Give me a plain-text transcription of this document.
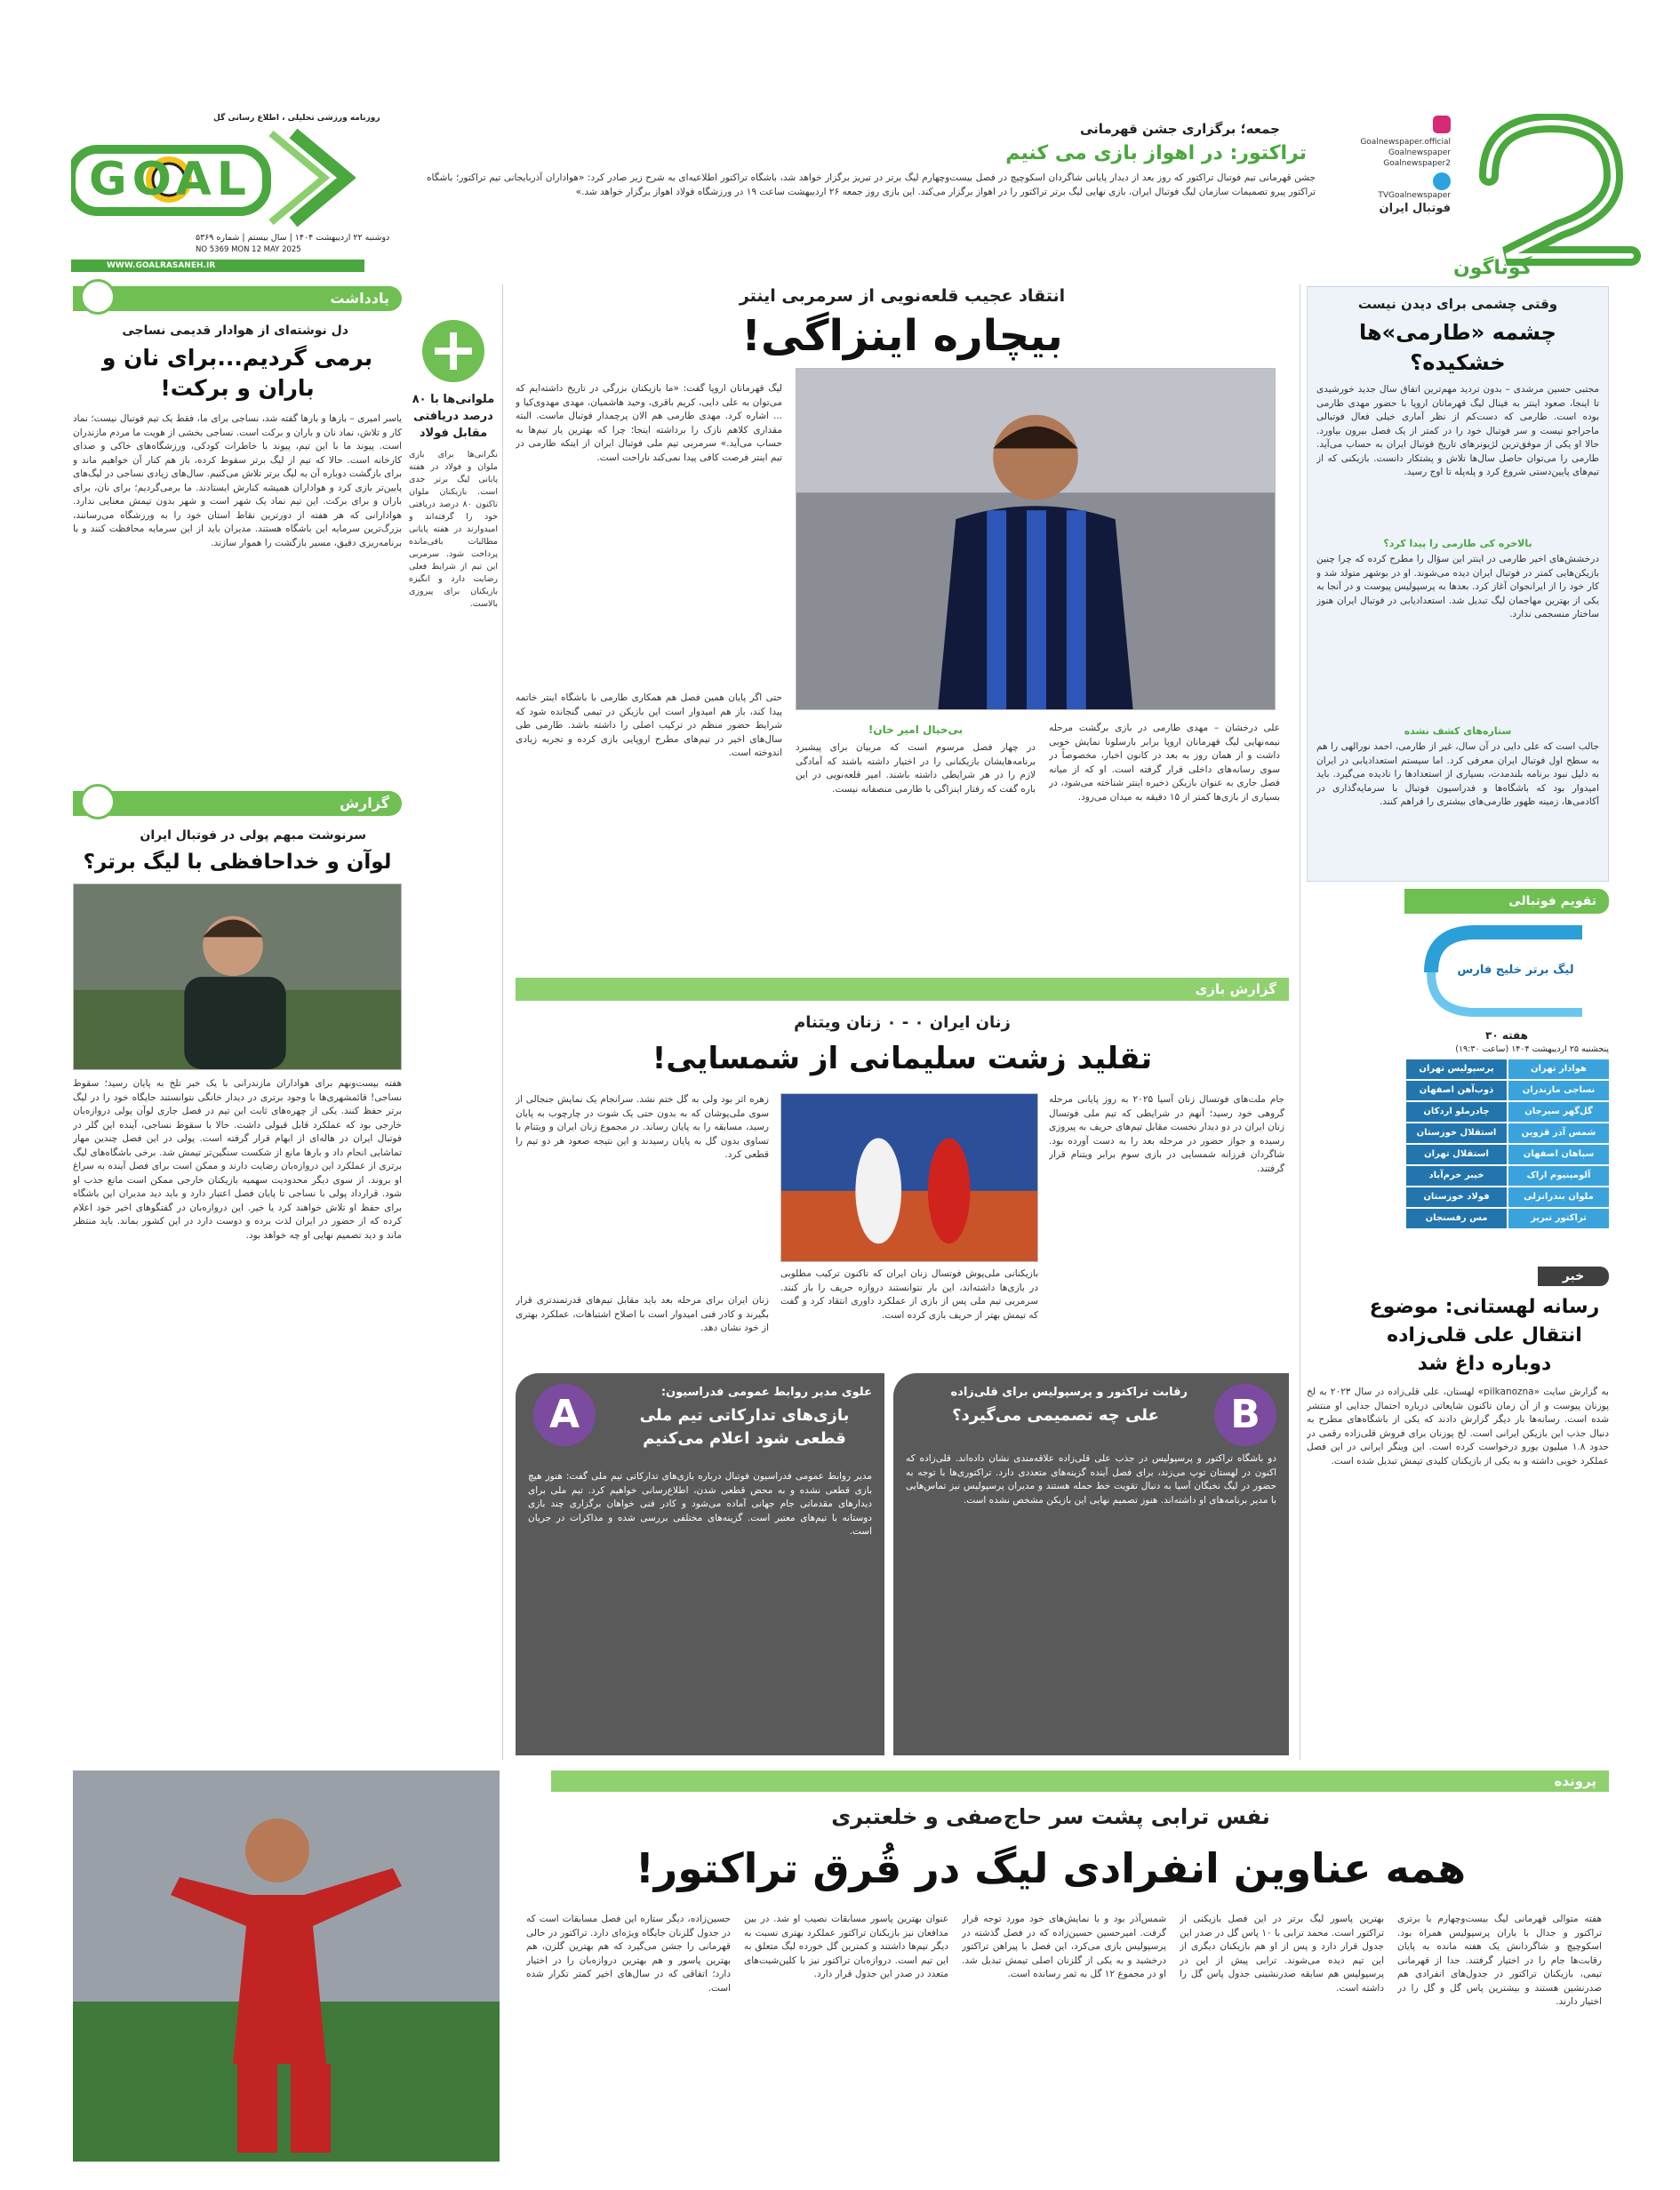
گوناگون
Goalnewspaper.official
Goalnewspaper
Goalnewspaper2
TVGoalnewspaper
فوتبال ایران
جمعه؛ برگزاری جشن قهرمانی
تراکتور: در اهواز بازی می کنیم
جشن قهرمانی تیم فوتبال تراکتور که روز بعد از دیدار پایانی شاگردان اسکوچیچ در فصل بیست‌وچهارم لیگ برتر در تبریز برگزار خواهد شد، باشگاه تراکتور اطلاعیه‌ای به شرح زیر صادر کرد: «هواداران آذربایجانی تیم تراکتور؛ باشگاه تراکتور پیرو تصمیمات سازمان لیگ فوتبال ایران، بازی نهایی لیگ برتر تراکتور را در اهواز برگزار می‌کند. این بازی روز جمعه ۲۶ اردیبهشت ساعت ۱۹ در ورزشگاه فولاد اهواز برگزار خواهد شد.»
روزنامه ورزشی تحلیلی ، اطلاع رسانی گل
GOAL
دوشنبه ۲۲ اردیبهشت ۱۴۰۴ | سال بیستم | شماره ۵۳۶۹
NO 5369 MON 12 MAY 2025
WWW.GOALRASANEH.IR
یادداشت
دل نوشته‌ای از هوادار قدیمی نساجی
برمی گردیم...برای نان و باران و برکت!
یاسر امیری – بازها و بارها گفته شد، نساجی برای ما، فقط یک تیم فوتبال نیست؛ نماد کار و تلاش، نماد نان و باران و برکت است. نساجی بخشی از هویت ما مردم مازندران است. پیوند ما با این تیم، پیوند با خاطرات کودکی، ورزشگاه‌های خاکی و صدای کارخانه است. حالا که تیم از لیگ برتر سقوط کرده، باز هم کنار آن خواهیم ماند و برای بازگشت دوباره آن به لیگ برتر تلاش می‌کنیم. سال‌های زیادی نساجی در لیگ‌های پایین‌تر بازی کرد و هواداران همیشه کنارش ایستادند. ما برمی‌گردیم؛ برای نان، برای باران و برای برکت. این تیم نماد یک شهر است و شهر بدون تیمش معنایی ندارد. هوادارانی که هر هفته از دورترین نقاط استان خود را به ورزشگاه می‌رسانند، بزرگ‌ترین سرمایه این باشگاه هستند. مدیران باید از این سرمایه محافظت کنند و با برنامه‌ریزی دقیق، مسیر بازگشت را هموار سازند.
گزارش
سرنوشت مبهم پولی در فوتبال ایران
لوآن و خداحافظی با لیگ برتر؟
هفته بیست‌ونهم برای هواداران مازندرانی با یک خبر تلخ به پایان رسید؛ سقوط نساجی! قائمشهری‌ها با وجود برتری در دیدار خانگی نتوانستند جایگاه خود را در لیگ برتر حفظ کنند. یکی از چهره‌های ثابت این تیم در فصل جاری لوآن پولی دروازه‌بان خارجی بود که عملکرد قابل قبولی داشت. حالا با سقوط نساجی، آینده این گلر در فوتبال ایران در هاله‌ای از ابهام قرار گرفته است. پولی در این فصل چندین مهار تماشایی انجام داد و بارها مانع از شکست سنگین‌تر تیمش شد. برخی باشگاه‌های لیگ برتری از عملکرد این دروازه‌بان رضایت دارند و ممکن است برای فصل آینده به سراغ او بروند. از سوی دیگر محدودیت سهمیه بازیکنان خارجی ممکن است مانع جذب او شود. قرارداد پولی با نساجی تا پایان فصل اعتبار دارد و باید دید مدیران این باشگاه برای حفظ او تلاش خواهند کرد یا خیر. این دروازه‌بان در گفتگوهای اخیر خود اعلام کرده که از حضور در ایران لذت برده و دوست دارد در این کشور بماند. باید منتظر ماند و دید تصمیم نهایی او چه خواهد بود.
ملوانی‌ها با ۸۰ درصد دریافتی مقابل فولاد
نگرانی‌ها برای بازی ملوان و فولاد در هفته پایانی لیگ برتر جدی است. بازیکنان ملوان تاکنون ۸۰ درصد دریافتی خود را گرفته‌اند و امیدوارند در هفته پایانی مطالبات باقی‌مانده پرداخت شود. سرمربی این تیم از شرایط فعلی رضایت دارد و انگیزه بازیکنان برای پیروزی بالاست.
انتقاد عجیب قلعه‌نویی از سرمربی اینتر
بیچاره اینزاگی!
لیگ قهرمانان اروپا گفت: «ما بازیکنان بزرگی در تاریخ داشته‌ایم که می‌توان به علی دایی، کریم باقری، وحید هاشمیان، مهدی مهدوی‌کیا و ... اشاره کرد. مهدی طارمی هم الان پرچمدار فوتبال ماست. البته مقداری کلاهم نازک را برداشته اینجا؛ چرا که بهترین یار تیم‌ها به حساب می‌آید.» سرمربی تیم ملی فوتبال ایران از اینکه طارمی در تیم اینتر فرصت کافی پیدا نمی‌کند ناراحت است.
حتی اگر پایان همین فصل هم همکاری طارمی با باشگاه اینتر خاتمه پیدا کند، باز هم امیدوار است این بازیکن در تیمی گنجانده شود که شرایط حضور منظم در ترکیب اصلی را داشته باشد. طارمی طی سال‌های اخیر در تیم‌های مطرح اروپایی بازی کرده و تجربه زیادی اندوخته است.
علی درخشان – مهدی طارمی در بازی برگشت مرحله نیمه‌نهایی لیگ قهرمانان اروپا برابر بارسلونا نمایش خوبی داشت و از همان روز به بعد در کانون اخبار، مخصوصاً در سوی رسانه‌های داخلی قرار گرفته است. او که از میانه فصل جاری به عنوان بازیکن ذخیره اینتر شناخته می‌شود، در بسیاری از بازی‌ها کمتر از ۱۵ دقیقه به میدان می‌رود.
بی‌خیال امیر خان!
در چهار فصل مرسوم است که مربیان برای پیشبرد برنامه‌هایشان بازیکنانی را در اختیار داشته باشند که آمادگی لازم را در هر شرایطی داشته باشند. امیر قلعه‌نویی در این باره گفت که رفتار اینزاگی با طارمی منصفانه نیست.
وقتی چشمی برای دیدن نیست
چشمه «طارمی»ها خشکیده؟
مجتبی حسین مرشدی – بدون تردید مهم‌ترین اتفاق سال جدید خورشیدی تا اینجا، صعود اینتر به فینال لیگ قهرمانان اروپا با حضور مهدی طارمی بوده است. طارمی که دست‌کم از نظر آماری خیلی فعال فوتبالی ماجراجو نیست و سر فوتبال خود را در کمتر از یک فصل بیرون بیاورد. حالا او یکی از موفق‌ترین لژیونرهای تاریخ فوتبال ایران به حساب می‌آید. طارمی را می‌توان حاصل سال‌ها تلاش و پشتکار دانست. بازیکنی که از تیم‌های پایین‌دستی شروع کرد و پله‌پله تا اوج رسید.
بالاخره کی طارمی را پیدا کرد؟
درخشش‌های اخیر طارمی در اینتر این سؤال را مطرح کرده که چرا چنین بازیکن‌هایی کمتر در فوتبال ایران دیده می‌شوند. او در بوشهر متولد شد و کار خود را از ایرانجوان آغاز کرد. بعدها به پرسپولیس پیوست و در آنجا به یکی از بهترین مهاجمان لیگ تبدیل شد. استعدادیابی در فوتبال ایران هنوز ساختار منسجمی ندارد.
ستاره‌های کشف نشده
جالب است که علی دایی در آن سال، غیر از طارمی، احمد نورالهی را هم به سطح اول فوتبال ایران معرفی کرد. اما سیستم استعدادیابی در ایران به دلیل نبود برنامه بلندمدت، بسیاری از استعدادها را نادیده می‌گیرد. باید امیدوار بود که باشگاه‌ها و فدراسیون فوتبال با سرمایه‌گذاری در آکادمی‌ها، زمینه ظهور طارمی‌های بیشتری را فراهم کنند.
تقویم فوتبالی
لیگ برتر خلیج فارس
هفته ۳۰
پنجشنبه ۲۵ اردیبهشت ۱۴۰۴ (ساعت ۱۹:۳۰)
هوادار تهران
پرسپولیس تهران
نساجی مازندران
ذوب‌آهن اصفهان
گل‌گهر سیرجان
چادرملو اردکان
شمس آذر قزوین
استقلال خوزستان
سپاهان اصفهان
استقلال تهران
آلومینیوم اراک
خیبر خرم‌آباد
ملوان بندرانزلی
فولاد خوزستان
تراکتور تبریز
مس رفسنجان
خبر
رسانه لهستانی: موضوع انتقال علی قلی‌زاده دوباره داغ شد
به گزارش سایت «pilkanozna» لهستان، علی قلی‌زاده در سال ۲۰۲۳ به لخ پوزنان پیوست و از آن زمان تاکنون شایعاتی درباره احتمال جدایی او منتشر شده است. رسانه‌ها بار دیگر گزارش دادند که یکی از باشگاه‌های مطرح به دنبال جذب این بازیکن ایرانی است. لخ پوزنان برای فروش قلی‌زاده رقمی در حدود ۱.۸ میلیون یورو درخواست کرده است. این وینگر ایرانی در این فصل عملکرد خوبی داشته و به یکی از بازیکنان کلیدی تیمش تبدیل شده است.
گزارش بازی
زنان ایران ۰ - ۰ زنان ویتنام
تقلید زشت سلیمانی از شمسایی!
جام ملت‌های فوتسال زنان آسیا ۲۰۲۵ به روز پایانی مرحله گروهی خود رسید؛ آنهم در شرایطی که تیم ملی فوتسال زنان ایران در دو دیدار نخست مقابل تیم‌های حریف به پیروزی رسیده و جواز حضور در مرحله بعد را به دست آورده بود. شاگردان فرزانه شمسایی در بازی سوم برابر ویتنام قرار گرفتند.
بازیکنانی ملی‌پوش فوتسال زنان ایران که تاکنون ترکیب مطلوبی در بازی‌ها داشته‌اند، این بار نتوانستند دروازه حریف را باز کنند. سرمربی تیم ملی پس از بازی از عملکرد داوری انتقاد کرد و گفت که تیمش بهتر از حریف بازی کرده است.
زهره اثر بود ولی به گل ختم نشد. سرانجام یک نمایش جنجالی از سوی ملی‌پوشان که به بدون حتی یک شوت در چارچوب به پایان رسید، مسابقه را به پایان رساند. در مجموع زنان ایران و ویتنام با تساوی بدون گل به پایان رسیدند و این نتیجه صعود هر دو تیم را قطعی کرد.
زنان ایران برای مرحله بعد باید مقابل تیم‌های قدرتمندتری قرار بگیرند و کادر فنی امیدوار است با اصلاح اشتباهات، عملکرد بهتری از خود نشان دهد.
B
رقابت تراکتور و پرسپولیس برای قلی‌زاده
علی چه تصمیمی می‌گیرد؟
دو باشگاه تراکتور و پرسپولیس در جذب علی قلی‌زاده علاقه‌مندی نشان داده‌اند. قلی‌زاده که اکنون در لهستان توپ می‌زند، برای فصل آینده گزینه‌های متعددی دارد. تراکتوری‌ها با توجه به حضور در لیگ نخبگان آسیا به دنبال تقویت خط حمله هستند و مدیران پرسپولیس نیز تماس‌هایی با مدیر برنامه‌های او داشته‌اند. هنوز تصمیم نهایی این بازیکن مشخص نشده است.
A	علوی مدیر روابط عمومی فدراسیون:
بازی‌های تدارکاتی تیم ملی قطعی شود اعلام می‌کنیم
مدیر روابط عمومی فدراسیون فوتبال درباره بازی‌های تدارکاتی تیم ملی گفت: هنوز هیچ بازی قطعی نشده و به محض قطعی شدن، اطلاع‌رسانی خواهیم کرد. تیم ملی برای دیدارهای مقدماتی جام جهانی آماده می‌شود و کادر فنی خواهان برگزاری چند بازی دوستانه با تیم‌های معتبر است. گزینه‌های مختلفی بررسی شده و مذاکرات در جریان است.
پرونده
نفس ترابی پشت سر حاج‌صفی و خلعتبری
همه عناوین انفرادی لیگ در قُرق تراکتور!
هفته متوالی قهرمانی لیگ بیست‌وچهارم با برتری تراکتور و جدال با یاران پرسپولیس همراه بود. اسکوچیچ و شاگردانش یک هفته مانده به پایان رقابت‌ها جام را در اختیار گرفتند. جدا از قهرمانی تیمی، بازیکنان تراکتور در جدول‌های انفرادی هم صدرنشین هستند و بیشترین پاس گل و گل را در اختیار دارند.
بهترین پاسور لیگ برتر در این فصل بازیکنی از تراکتور است. محمد ترابی با ۱۰ پاس گل در صدر این جدول قرار دارد و پس از او هم بازیکنان دیگری از این تیم دیده می‌شوند. ترابی پیش از این در پرسپولیس هم سابقه صدرنشینی جدول پاس گل را داشته است.
شمس‌آذر بود و با نمایش‌های خود مورد توجه قرار گرفت. امیرحسین حسین‌زاده که در فصل گذشته در پرسپولیس بازی می‌کرد، این فصل با پیراهن تراکتور درخشید و به یکی از گلزنان اصلی تیمش تبدیل شد. او در مجموع ۱۲ گل به ثمر رسانده است.
عنوان بهترین پاسور مسابقات نصیب او شد. در بین مدافعان نیز بازیکنان تراکتور عملکرد بهتری نسبت به دیگر تیم‌ها داشتند و کمترین گل خورده لیگ متعلق به این تیم است. دروازه‌بان تراکتور نیز با کلین‌شیت‌های متعدد در صدر این جدول قرار دارد.
حسین‌زاده، دیگر ستاره این فصل مسابقات است که در جدول گلزنان جایگاه ویژه‌ای دارد. تراکتور در حالی قهرمانی را جشن می‌گیرد که هم بهترین گلزن، هم بهترین پاسور و هم بهترین دروازه‌بان را در اختیار دارد؛ اتفاقی که در سال‌های اخیر کمتر تکرار شده است.
